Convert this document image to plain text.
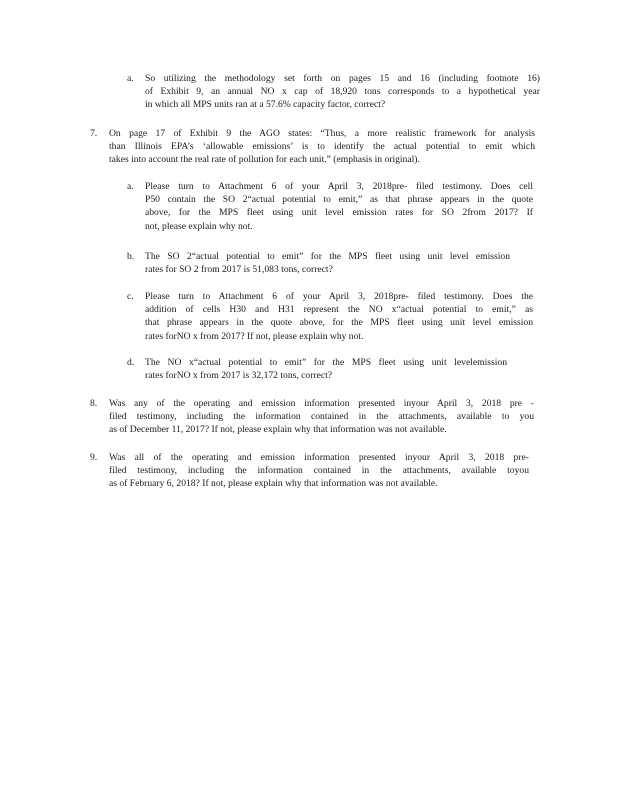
a. So utilizing the methodology set forth on pages 15 and 16 (including footnote 16)
of Exhibit 9, an annual NO x cap of 18,920 tons corresponds to a hypothetical year
in which all MPS units ran at a 57.6% capacity factor, correct?
7. On page 17 of Exhibit 9 the AGO states: “Thus, a more realistic framework for analysis
than Illinois EPA’s ‘allowable emissions’ is to identify the actual potential to emit which
takes into account the real rate of pollution for each unit.” (emphasis in original).
a. Please turn to Attachment 6 of your April 3, 2018pre- filed testimony. Does cell
P50 contain the SO 2“actual potential to emit,” as that phrase appears in the quote
above, for the MPS fleet using unit level emission rates for SO 2from 2017? If
not, please explain why not.
b. The SO 2“actual potential to emit” for the MPS fleet using unit level emission
rates for SO 2 from 2017 is 51,083 tons, correct?
c. Please turn to Attachment 6 of your April 3, 2018pre- filed testimony. Does the
addition of cells H30 and H31 represent the NO x“actual potential to emit,” as
that phrase appears in the quote above, for the MPS fleet using unit level emission
rates forNO x from 2017? If not, please explain why not.
d. The NO x“actual potential to emit” for the MPS fleet using unit levelemission
rates forNO x from 2017 is 32,172 tons, correct?
8. Was any of the operating and emission information presented inyour April 3, 2018 pre -
filed testimony, including the information contained in the attachments, available to you
as of December 11, 2017? If not, please explain why that information was not available.
9. Was all of the operating and emission information presented inyour April 3, 2018 pre-
filed testimony, including the information contained in the attachments, available toyou
as of February 6, 2018? If not, please explain why that information was not available.
